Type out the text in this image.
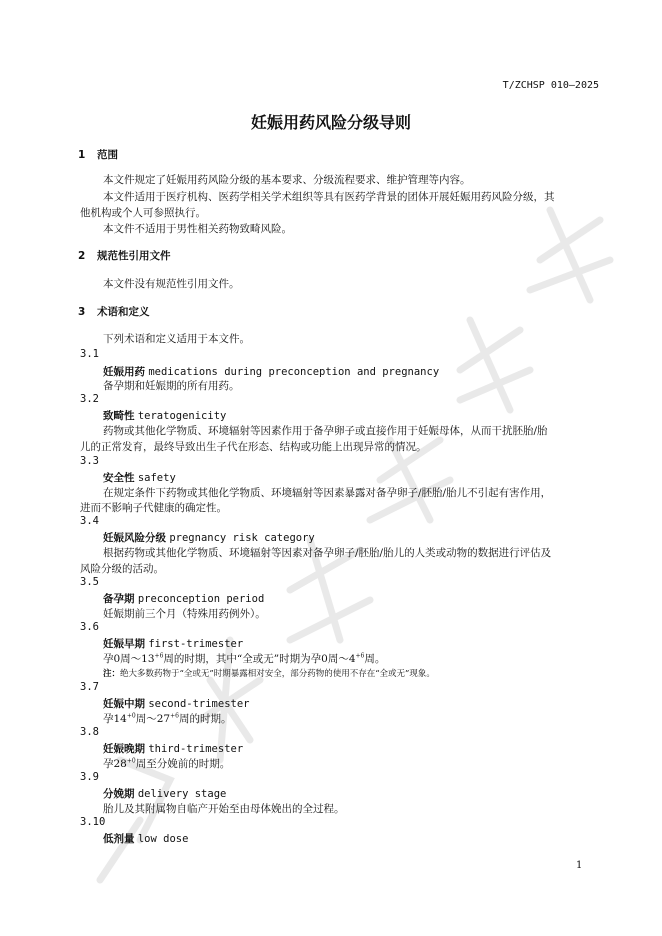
T/ZCHSP 010—2025
妊娠用药风险分级导则
1 范围
本文件规定了妊娠用药风险分级的基本要求、分级流程要求、维护管理等内容。
本文件适用于医疗机构、医药学相关学术组织等具有医药学背景的团体开展妊娠用药风险分级，其
他机构或个人可参照执行。
本文件不适用于男性相关药物致畸风险。
2 规范性引用文件
本文件没有规范性引用文件。
3 术语和定义
下列术语和定义适用于本文件。
3.1
妊娠用药 medications during preconception and pregnancy
备孕期和妊娠期的所有用药。
3.2
致畸性 teratogenicity
药物或其他化学物质、环境辐射等因素作用于备孕卵子或直接作用于妊娠母体，从而干扰胚胎/胎
儿的正常发育，最终导致出生子代在形态、结构或功能上出现异常的情况。
3.3
安全性 safety
在规定条件下药物或其他化学物质、环境辐射等因素暴露对备孕卵子/胚胎/胎儿不引起有害作用，
进而不影响子代健康的确定性。
3.4
妊娠风险分级 pregnancy risk category
根据药物或其他化学物质、环境辐射等因素对备孕卵子/胚胎/胎儿的人类或动物的数据进行评估及
风险分级的活动。
3.5
备孕期 preconception period
妊娠期前三个月（特殊用药例外）。
3.6
妊娠早期 first-trimester
孕0周$\sim 13^{+6}$周的时期，其中“全或无”时期为孕0周$\sim 4^{+6}$周。
注：绝大多数药物于“全或无”时期暴露相对安全，部分药物的使用不存在“全或无”现象。
3.7
妊娠中期 second-trimester
孕$14^{+0}$周$\sim 27^{+6}$周的时期。
3.8
妊娠晚期 third-trimester
孕$28^{+0}$周至分娩前的时期。
3.9
分娩期 delivery stage
胎儿及其附属物自临产开始至由母体娩出的全过程。
3.10
低剂量 low dose
1
